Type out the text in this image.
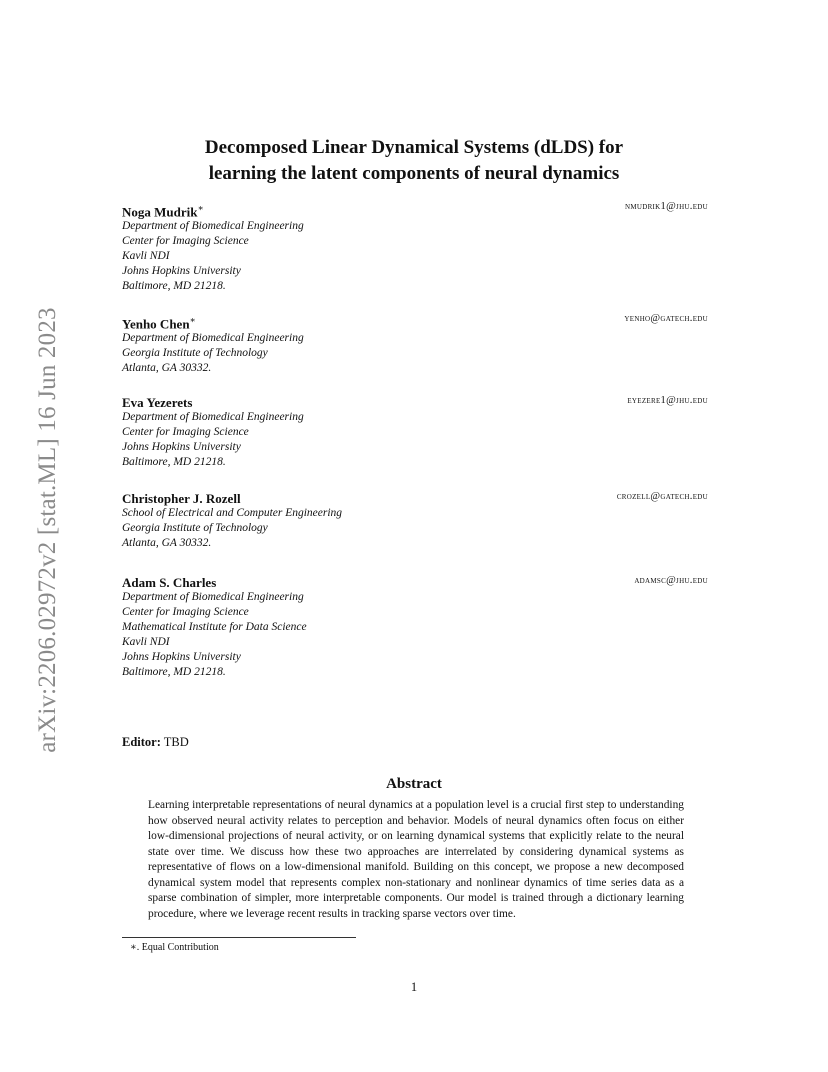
arXiv:2206.02972v2 [stat.ML] 16 Jun 2023
Decomposed Linear Dynamical Systems (dLDS) for
learning the latent components of neural dynamics
Noga Mudrik∗	nmudrik1@jhu.edu
Department of Biomedical Engineering
Center for Imaging Science
Kavli NDI
Johns Hopkins University
Baltimore, MD 21218.
Yenho Chen∗	yenho@gatech.edu
Department of Biomedical Engineering
Georgia Institute of Technology
Atlanta, GA 30332.
Eva Yezerets	eyezere1@jhu.edu
Department of Biomedical Engineering
Center for Imaging Science
Johns Hopkins University
Baltimore, MD 21218.
Christopher J. Rozell	crozell@gatech.edu
School of Electrical and Computer Engineering
Georgia Institute of Technology
Atlanta, GA 30332.
Adam S. Charles	adamsc@jhu.edu
Department of Biomedical Engineering
Center for Imaging Science
Mathematical Institute for Data Science
Kavli NDI
Johns Hopkins University
Baltimore, MD 21218.
Editor: TBD
Abstract
Learning interpretable representations of neural dynamics at a population level is a crucial first step to understanding how observed neural activity relates to perception and behavior. Models of neural dynamics often focus on either low-dimensional projections of neural activity, or on learning dynamical systems that explicitly relate to the neural state over time. We discuss how these two approaches are interrelated by considering dynamical systems as representative of flows on a low-dimensional manifold. Building on this concept, we propose a new decomposed dynamical system model that represents complex non-stationary and nonlinear dynamics of time series data as a sparse combination of simpler, more interpretable components. Our model is trained through a dictionary learning procedure, where we leverage recent results in tracking sparse vectors over time.
∗. Equal Contribution
1
